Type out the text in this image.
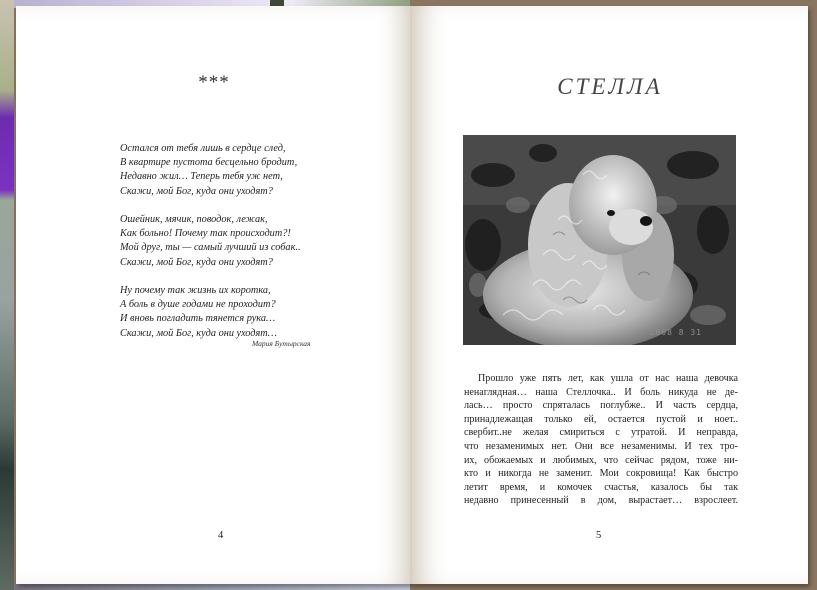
***
Остался от тебя лишь в сердце след,
В квартире пустота бесцельно бродит,
Недавно жил… Теперь тебя уж нет,
Скажи, мой Бог, куда они уходят?
Ошейник, мячик, поводок, лежак,
Как больно! Почему так происходит?!
Мой друг, ты — самый лучший из собак..
Скажи, мой Бог, куда они уходят?
Ну почему так жизнь их коротка,
А боль в душе годами не проходит?
И вновь погладить тянется рука…
Скажи, мой Бог, куда они уходят…
Мария Бутырская
4
СТЕЛЛА
2008 8 31
Прошло уже пять лет, как ушла от нас наша девочка
ненаглядная… наша Стеллочка.. И боль никуда не де-
лась… просто спряталась поглубже.. И часть сердца,
принадлежащая только ей, остается пустой и ноет..
свербит..не желая смириться с утратой. И неправда,
что незаменимых нет. Они все незаменимы. И тех тро-
их, обожаемых и любимых, что сейчас рядом, тоже ни-
кто и никогда не заменит. Мои сокровища! Как быстро
летит время, и комочек счастья, казалось бы так
недавно принесенный в дом, вырастает… взрослеет.
5
